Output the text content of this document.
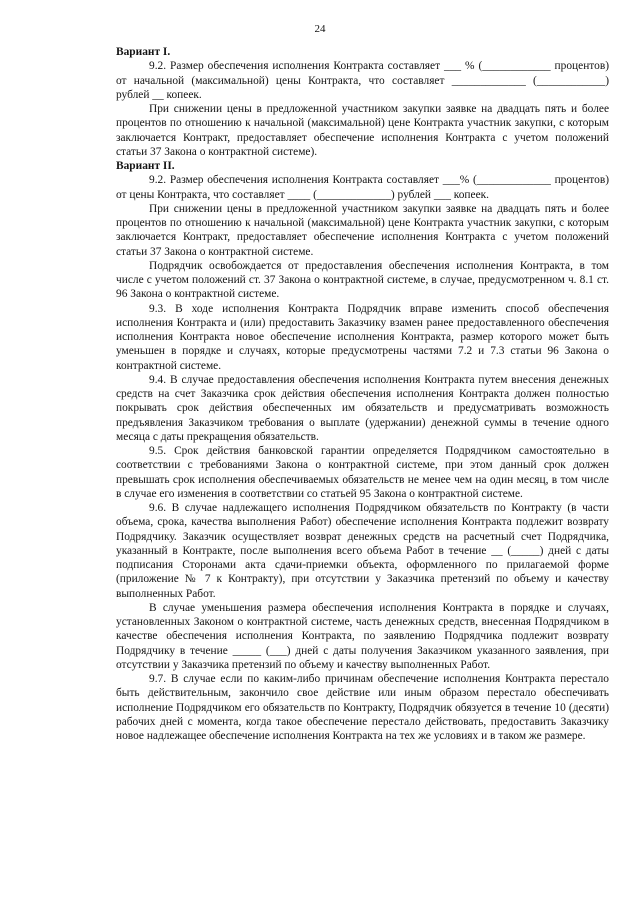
24

Вариант I.

9.2. Размер обеспечения исполнения Контракта составляет ___ % (____________ процентов) от начальной (максимальной) цены Контракта, что составляет _____________ (____________) рублей __ копеек.

При снижении цены в предложенной участником закупки заявке на двадцать пять и более процентов по отношению к начальной (максимальной) цене Контракта участник закупки, с которым заключается Контракт, предоставляет обеспечение исполнения Контракта с учетом положений статьи 37 Закона о контрактной системе).

Вариант II.

9.2. Размер обеспечения исполнения Контракта составляет ___% (_____________ процентов) от цены Контракта, что составляет ____ (_____________) рублей ___ копеек.

При снижении цены в предложенной участником закупки заявке на двадцать пять и более процентов по отношению к начальной (максимальной) цене Контракта участник закупки, с которым заключается Контракт, предоставляет обеспечение исполнения Контракта с учетом положений статьи 37 Закона о контрактной системе.

Подрядчик освобождается от предоставления обеспечения исполнения Контракта, в том числе с учетом положений ст. 37 Закона о контрактной системе, в случае, предусмотренном ч. 8.1 ст. 96 Закона о контрактной системе.

9.3. В ходе исполнения Контракта Подрядчик вправе изменить способ обеспечения исполнения Контракта и (или) предоставить Заказчику взамен ранее предоставленного обеспечения исполнения Контракта новое обеспечение исполнения Контракта, размер которого может быть уменьшен в порядке и случаях, которые предусмотрены частями 7.2 и 7.3 статьи 96 Закона о контрактной системе.

9.4. В случае предоставления обеспечения исполнения Контракта путем внесения денежных средств на счет Заказчика срок действия обеспечения исполнения Контракта должен полностью покрывать срок действия обеспеченных им обязательств и предусматривать возможность предъявления Заказчиком требования о выплате (удержании) денежной суммы в течение одного месяца с даты прекращения обязательств.

9.5. Срок действия банковской гарантии определяется Подрядчиком самостоятельно в соответствии с требованиями Закона о контрактной системе, при этом данный срок должен превышать срок исполнения обеспечиваемых обязательств не менее чем на один месяц, в том числе в случае его изменения в соответствии со статьей 95 Закона о контрактной системе.

9.6. В случае надлежащего исполнения Подрядчиком обязательств по Контракту (в части объема, срока, качества выполнения Работ) обеспечение исполнения Контракта подлежит возврату Подрядчику. Заказчик осуществляет возврат денежных средств на расчетный счет Подрядчика, указанный в Контракте, после выполнения всего объема Работ в течение __ (_____) дней с даты подписания Сторонами акта сдачи-приемки объекта, оформленного по прилагаемой форме (приложение № 7 к Контракту), при отсутствии у Заказчика претензий по объему и качеству выполненных Работ.

В случае уменьшения размера обеспечения исполнения Контракта в порядке и случаях, установленных Законом о контрактной системе, часть денежных средств, внесенная Подрядчиком в качестве обеспечения исполнения Контракта, по заявлению Подрядчика подлежит возврату Подрядчику в течение _____ (___) дней с даты получения Заказчиком указанного заявления, при отсутствии у Заказчика претензий по объему и качеству выполненных Работ.

9.7. В случае если по каким-либо причинам обеспечение исполнения Контракта перестало быть действительным, закончило свое действие или иным образом перестало обеспечивать исполнение Подрядчиком его обязательств по Контракту, Подрядчик обязуется в течение 10 (десяти) рабочих дней с момента, когда такое обеспечение перестало действовать, предоставить Заказчику новое надлежащее обеспечение исполнения Контракта на тех же условиях и в таком же размере.
